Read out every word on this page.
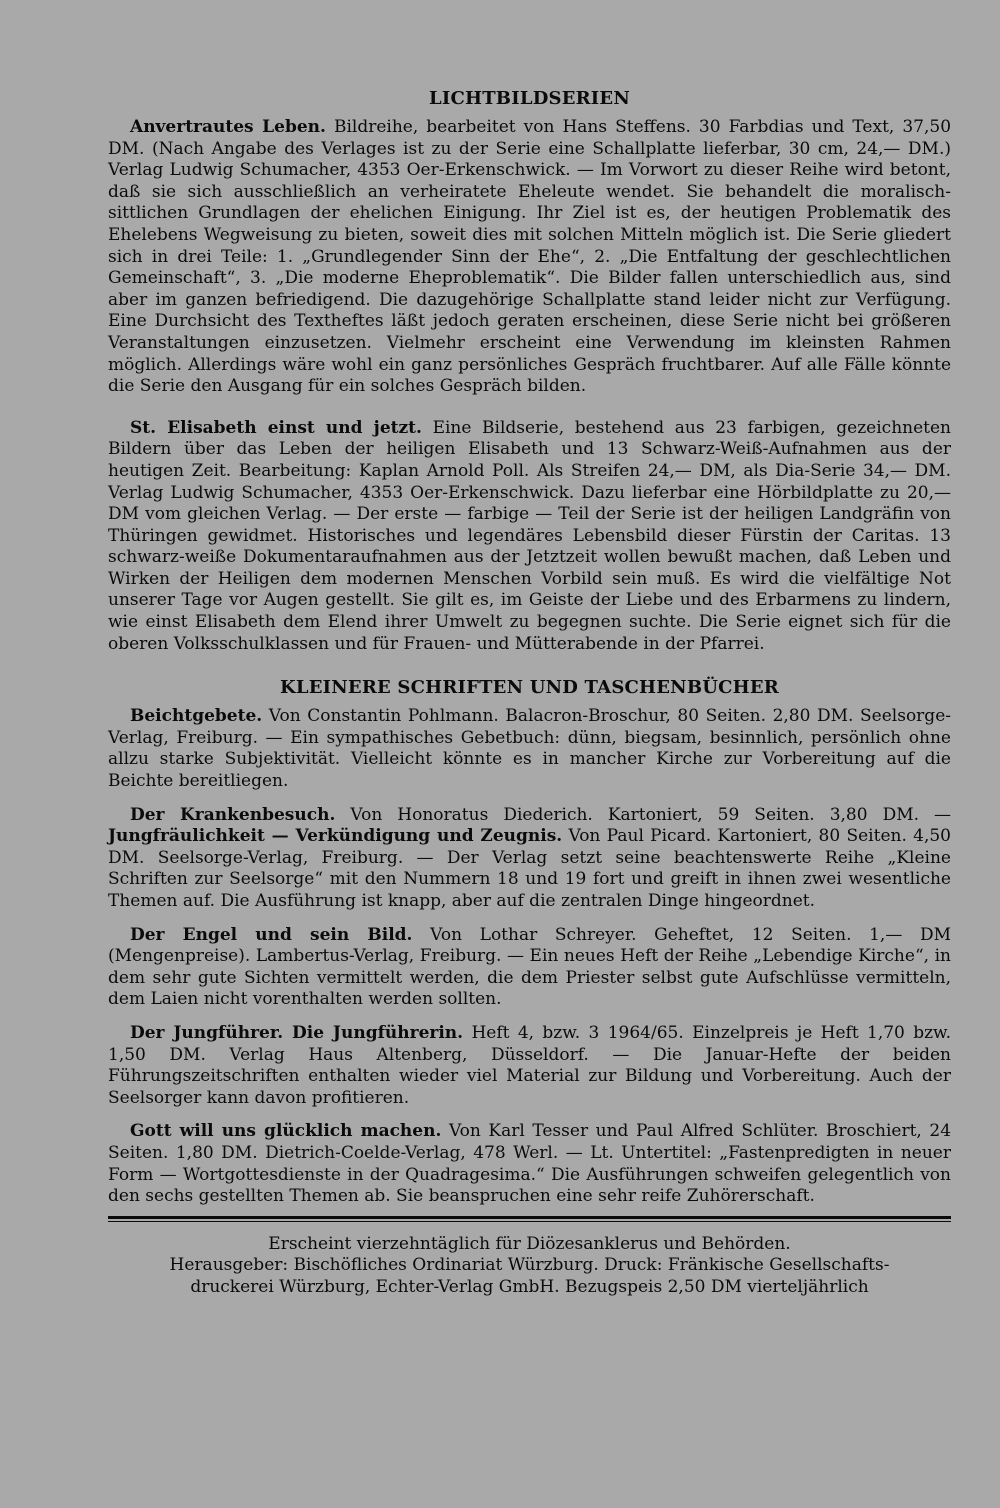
LICHTBILDSERIEN

Anvertrautes Leben. Bildreihe, bearbeitet von Hans Steffens. 30 Farbdias und Text, 37,50 DM. (Nach Angabe des Verlages ist zu der Serie eine Schallplatte lieferbar, 30 cm, 24,— DM.) Verlag Ludwig Schumacher, 4353 Oer-Erkenschwick. — Im Vorwort zu dieser Reihe wird betont, daß sie sich ausschließlich an verheiratete Eheleute wendet. Sie behandelt die moralisch-sittlichen Grundlagen der ehelichen Einigung. Ihr Ziel ist es, der heutigen Problematik des Ehelebens Wegweisung zu bieten, soweit dies mit solchen Mitteln möglich ist. Die Serie gliedert sich in drei Teile: 1. „Grundlegender Sinn der Ehe“, 2. „Die Entfaltung der geschlechtlichen Gemeinschaft“, 3. „Die moderne Eheproblematik“. Die Bilder fallen unterschiedlich aus, sind aber im ganzen befriedigend. Die dazugehörige Schallplatte stand leider nicht zur Verfügung. Eine Durchsicht des Textheftes läßt jedoch geraten erscheinen, diese Serie nicht bei größeren Veranstaltungen einzusetzen. Vielmehr erscheint eine Verwendung im kleinsten Rahmen möglich. Allerdings wäre wohl ein ganz persönliches Gespräch fruchtbarer. Auf alle Fälle könnte die Serie den Ausgang für ein solches Gespräch bilden.

St. Elisabeth einst und jetzt. Eine Bildserie, bestehend aus 23 farbigen, gezeichneten Bildern über das Leben der heiligen Elisabeth und 13 Schwarz-Weiß-Aufnahmen aus der heutigen Zeit. Bearbeitung: Kaplan Arnold Poll. Als Streifen 24,— DM, als Dia-Serie 34,— DM. Verlag Ludwig Schumacher, 4353 Oer-Erkenschwick. Dazu lieferbar eine Hörbildplatte zu 20,— DM vom gleichen Verlag. — Der erste — farbige — Teil der Serie ist der heiligen Landgräfin von Thüringen gewidmet. Historisches und legendäres Lebensbild dieser Fürstin der Caritas. 13 schwarz-weiße Dokumentaraufnahmen aus der Jetztzeit wollen bewußt machen, daß Leben und Wirken der Heiligen dem modernen Menschen Vorbild sein muß. Es wird die vielfältige Not unserer Tage vor Augen gestellt. Sie gilt es, im Geiste der Liebe und des Erbarmens zu lindern, wie einst Elisabeth dem Elend ihrer Umwelt zu begegnen suchte. Die Serie eignet sich für die oberen Volksschulklassen und für Frauen- und Mütterabende in der Pfarrei.

KLEINERE SCHRIFTEN UND TASCHENBÜCHER

Beichtgebete. Von Constantin Pohlmann. Balacron-Broschur, 80 Seiten. 2,80 DM. Seelsorge-Verlag, Freiburg. — Ein sympathisches Gebetbuch: dünn, biegsam, besinnlich, persönlich ohne allzu starke Subjektivität. Vielleicht könnte es in mancher Kirche zur Vorbereitung auf die Beichte bereitliegen.

Der Krankenbesuch. Von Honoratus Diederich. Kartoniert, 59 Seiten. 3,80 DM. — Jungfräulichkeit — Verkündigung und Zeugnis. Von Paul Picard. Kartoniert, 80 Seiten. 4,50 DM. Seelsorge-Verlag, Freiburg. — Der Verlag setzt seine beachtenswerte Reihe „Kleine Schriften zur Seelsorge“ mit den Nummern 18 und 19 fort und greift in ihnen zwei wesentliche Themen auf. Die Ausführung ist knapp, aber auf die zentralen Dinge hingeordnet.

Der Engel und sein Bild. Von Lothar Schreyer. Geheftet, 12 Seiten. 1,— DM (Mengenpreise). Lambertus-Verlag, Freiburg. — Ein neues Heft der Reihe „Lebendige Kirche“, in dem sehr gute Sichten vermittelt werden, die dem Priester selbst gute Aufschlüsse vermitteln, dem Laien nicht vorenthalten werden sollten.

Der Jungführer. Die Jungführerin. Heft 4, bzw. 3 1964/65. Einzelpreis je Heft 1,70 bzw. 1,50 DM. Verlag Haus Altenberg, Düsseldorf. — Die Januar-Hefte der beiden Führungszeitschriften enthalten wieder viel Material zur Bildung und Vorbereitung. Auch der Seelsorger kann davon profitieren.

Gott will uns glücklich machen. Von Karl Tesser und Paul Alfred Schlüter. Broschiert, 24 Seiten. 1,80 DM. Dietrich-Coelde-Verlag, 478 Werl. — Lt. Untertitel: „Fastenpredigten in neuer Form — Wortgottesdienste in der Quadragesima.“ Die Ausführungen schweifen gelegentlich von den sechs gestellten Themen ab. Sie beanspruchen eine sehr reife Zuhörerschaft.

Erscheint vierzehntäglich für Diözesanklerus und Behörden.
Herausgeber: Bischöfliches Ordinariat Würzburg. Druck: Fränkische Gesellschafts-
druckerei Würzburg, Echter-Verlag GmbH. Bezugspeis 2,50 DM vierteljährlich
